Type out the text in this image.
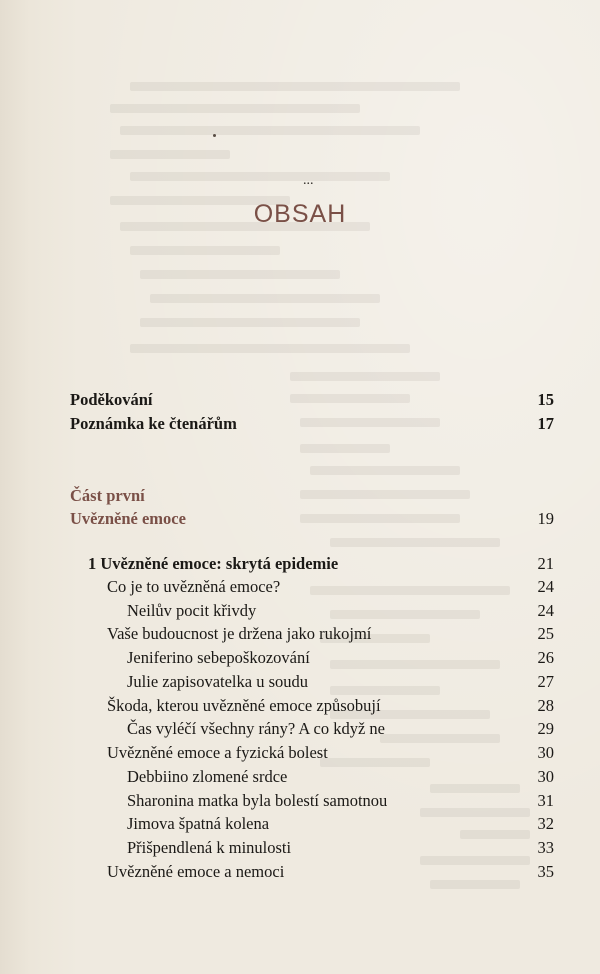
...
OBSAH
Poděkování	15
Poznámka ke čtenářům	17
Část první
Uvězněné emoce	19
1 Uvězněné emoce: skrytá epidemie	21
Co je to uvězněná emoce?	24
Neilův pocit křivdy	24
Vaše budoucnost je držena jako rukojmí	25
Jeniferino sebepoškozování	26
Julie zapisovatelka u soudu	27
Škoda, kterou uvězněné emoce způsobují	28
Čas vyléčí všechny rány? A co když ne	29
Uvězněné emoce a fyzická bolest	30
Debbiino zlomené srdce	30
Sharonina matka byla bolestí samotnou	31
Jimova špatná kolena	32
Přišpendlená k minulosti	33
Uvězněné emoce a nemoci	35
